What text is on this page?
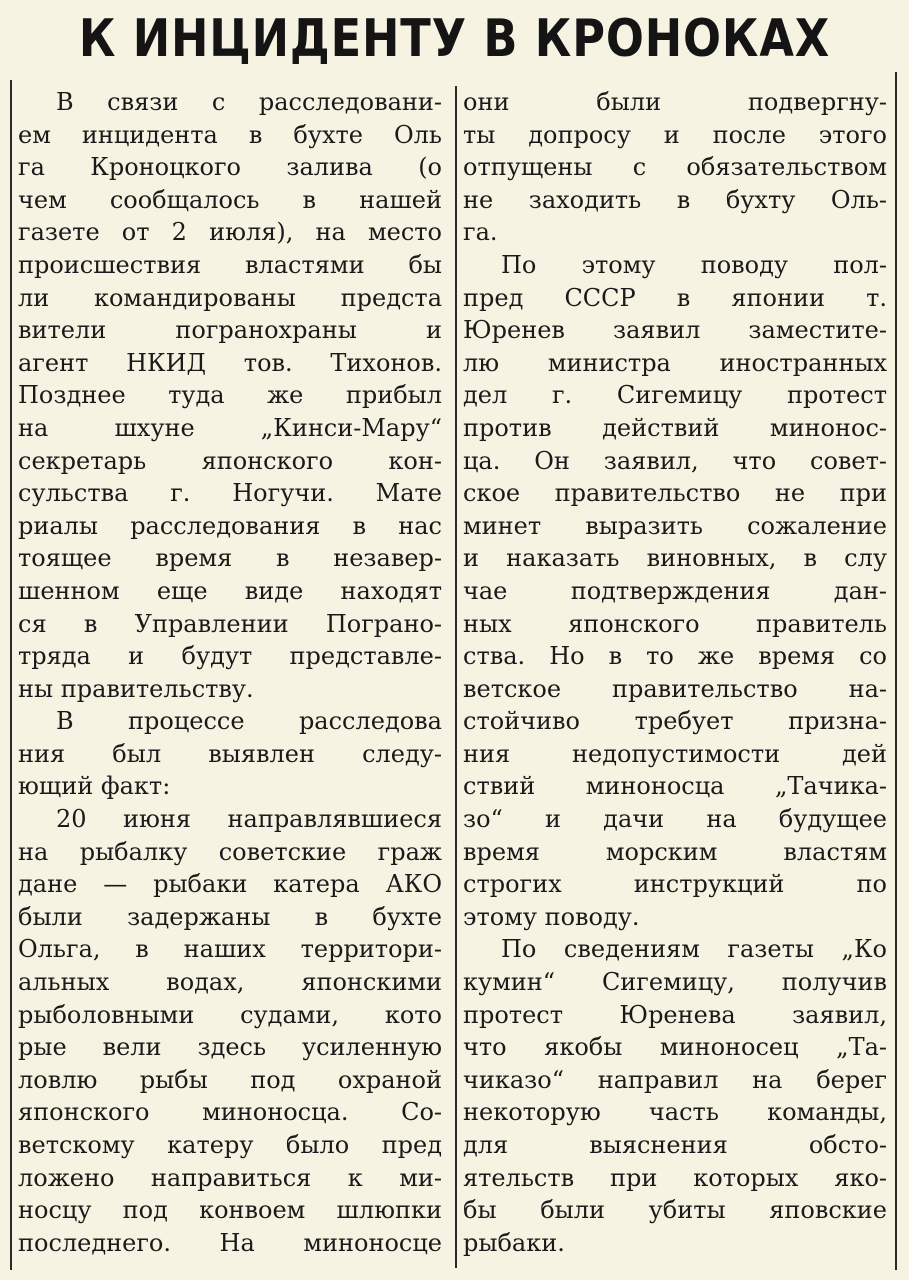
К ИНЦИДЕНТУ В КРОНОКАХ
В связи с расследовани-
ем инцидента в бухте Оль
га Кроноцкого залива (о
чем сообщалось в нашей
газете от 2 июля), на место
происшествия властями бы
ли командированы предста
вители погранохраны и
агент НКИД тов. Тихонов.
Позднее туда же прибыл
на шхуне „Кинси-Мару“
секретарь японского кон-
сульства г. Ногучи. Мате
риалы расследования в нас
тоящее время в незавер-
шенном еще виде находят
ся в Управлении Пограно-
тряда и будут представле-
ны правительству.
В процессе расследова
ния был выявлен следу-
ющий факт:
20 июня направлявшиеся
на рыбалку советские граж
дане — рыбаки катера АКО
были задержаны в бухте
Ольга, в наших территори-
альных водах, японскими
рыболовными судами, кото
рые вели здесь усиленную
ловлю рыбы под охраной
японского миноносца. Со-
ветскому катеру было пред
ложено направиться к ми-
носцу под конвоем шлюпки
последнего. На миноносце
они были подвергну-
ты допросу и после этого
отпущены с обязательством
не заходить в бухту Оль-
га.
По этому поводу пол-
пред СССР в японии т.
Юренев заявил заместите-
лю министра иностранных
дел г. Сигемицу протест
против действий минонос-
ца. Он заявил, что совет-
ское правительство не при
минет выразить сожаление
и наказать виновных, в слу
чае подтверждения дан-
ных японского правитель
ства. Но в то же время со
ветское правительство на-
стойчиво требует призна-
ния недопустимости дей
ствий миноносца „Тачика-
зо“ и дачи на будущее
время морским властям
строгих инструкций по
этому поводу.
По сведениям газеты „Ко
кумин“ Сигемицу, получив
протест Юренева заявил,
что якобы миноносец „Та-
чиказо“ направил на берег
некоторую часть команды,
для выяснения обсто-
ятельств при которых яко-
бы были убиты яповские
рыбаки.
